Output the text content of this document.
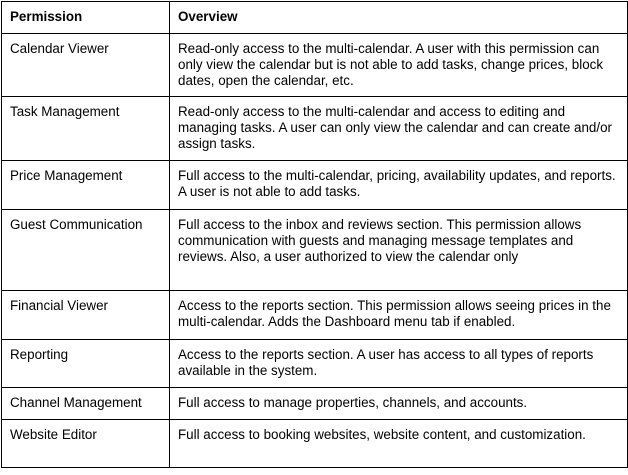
Permission	Overview
Calendar Viewer	Read-only access to the multi-calendar. A user with this permission can only view the calendar but is not able to add tasks, change prices, block dates, open the calendar, etc.
Task Management	Read-only access to the multi-calendar and access to editing and managing tasks. A user can only view the calendar and can create and/or assign tasks.
Price Management	Full access to the multi-calendar, pricing, availability updates, and reports. A user is not able to add tasks.
Guest Communication	Full access to the inbox and reviews section. This permission allows communication with guests and managing message templates and reviews. Also, a user authorized to view the calendar only
Financial Viewer	Access to the reports section. This permission allows seeing prices in the multi-calendar. Adds the Dashboard menu tab if enabled.
Reporting	Access to the reports section. A user has access to all types of reports available in the system.
Channel Management	Full access to manage properties, channels, and accounts.
Website Editor	Full access to booking websites, website content, and customization.
